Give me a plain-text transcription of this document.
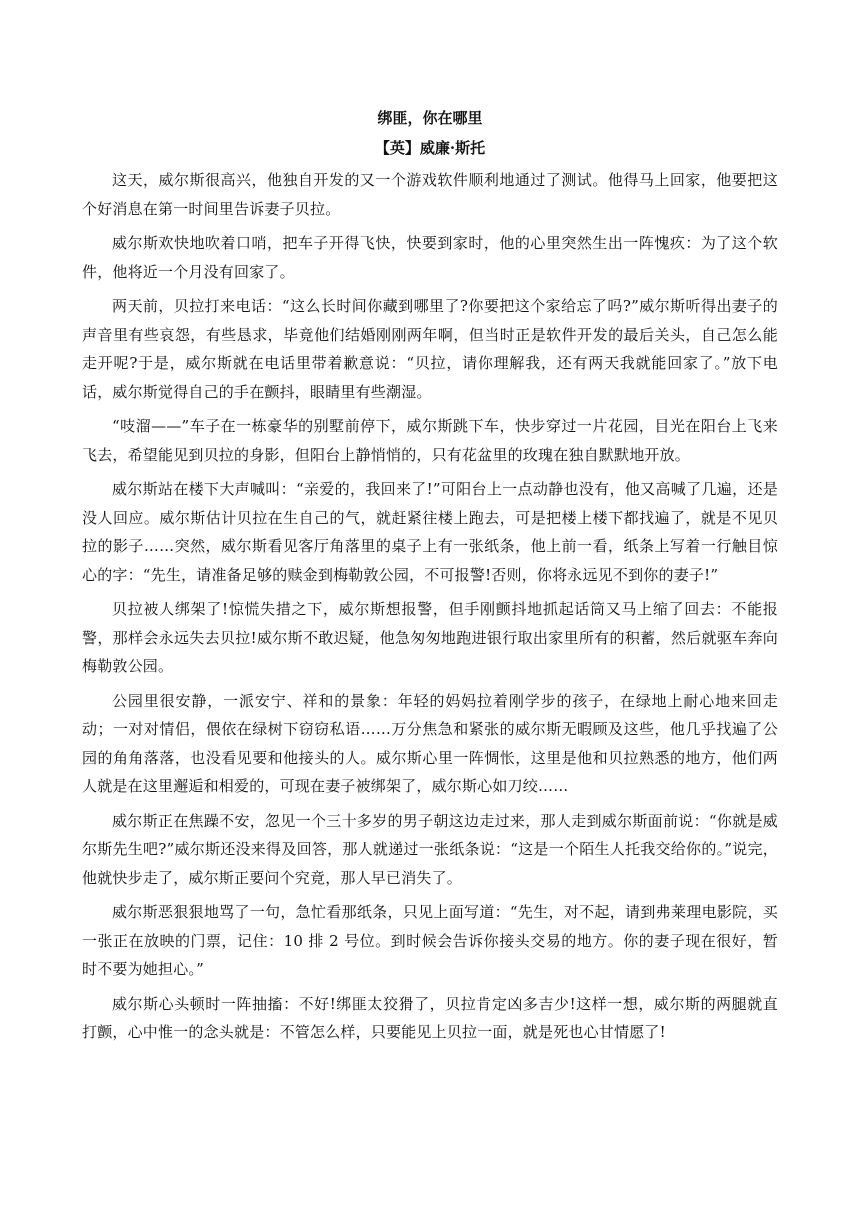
绑匪，你在哪里
【英】威廉·斯托

这天，威尔斯很高兴，他独自开发的又一个游戏软件顺利地通过了测试。他得马上回家，他要把这个好消息在第一时间里告诉妻子贝拉。

威尔斯欢快地吹着口哨，把车子开得飞快，快要到家时，他的心里突然生出一阵愧疚：为了这个软件，他将近一个月没有回家了。

两天前，贝拉打来电话：“这么长时间你藏到哪里了?你要把这个家给忘了吗?”威尔斯听得出妻子的声音里有些哀怨，有些恳求，毕竟他们结婚刚刚两年啊，但当时正是软件开发的最后关头，自己怎么能走开呢?于是，威尔斯就在电话里带着歉意说：“贝拉，请你理解我，还有两天我就能回家了。”放下电话，威尔斯觉得自己的手在颤抖，眼睛里有些潮湿。

“吱溜——”车子在一栋豪华的别墅前停下，威尔斯跳下车，快步穿过一片花园，目光在阳台上飞来飞去，希望能见到贝拉的身影，但阳台上静悄悄的，只有花盆里的玫瑰在独自默默地开放。

威尔斯站在楼下大声喊叫：“亲爱的，我回来了!”可阳台上一点动静也没有，他又高喊了几遍，还是没人回应。威尔斯估计贝拉在生自己的气，就赶紧往楼上跑去，可是把楼上楼下都找遍了，就是不见贝拉的影子……突然，威尔斯看见客厅角落里的桌子上有一张纸条，他上前一看，纸条上写着一行触目惊心的字：“先生，请准备足够的赎金到梅勒敦公园，不可报警!否则，你将永远见不到你的妻子!”

贝拉被人绑架了!惊慌失措之下，威尔斯想报警，但手刚颤抖地抓起话筒又马上缩了回去：不能报警，那样会永远失去贝拉!威尔斯不敢迟疑，他急匆匆地跑进银行取出家里所有的积蓄，然后就驱车奔向梅勒敦公园。

公园里很安静，一派安宁、祥和的景象：年轻的妈妈拉着刚学步的孩子，在绿地上耐心地来回走动；一对对情侣，偎依在绿树下窃窃私语……万分焦急和紧张的威尔斯无暇顾及这些，他几乎找遍了公园的角角落落，也没看见要和他接头的人。威尔斯心里一阵惆怅，这里是他和贝拉熟悉的地方，他们两人就是在这里邂逅和相爱的，可现在妻子被绑架了，威尔斯心如刀绞……

威尔斯正在焦躁不安，忽见一个三十多岁的男子朝这边走过来，那人走到威尔斯面前说：“你就是威尔斯先生吧?”威尔斯还没来得及回答，那人就递过一张纸条说：“这是一个陌生人托我交给你的。”说完，他就快步走了，威尔斯正要问个究竟，那人早已消失了。

威尔斯恶狠狠地骂了一句，急忙看那纸条，只见上面写道：“先生，对不起，请到弗莱理电影院，买一张正在放映的门票，记住：10 排 2 号位。到时候会告诉你接头交易的地方。你的妻子现在很好，暂时不要为她担心。”

威尔斯心头顿时一阵抽搐：不好!绑匪太狡猾了，贝拉肯定凶多吉少!这样一想，威尔斯的两腿就直打颤，心中惟一的念头就是：不管怎么样，只要能见上贝拉一面，就是死也心甘情愿了!
